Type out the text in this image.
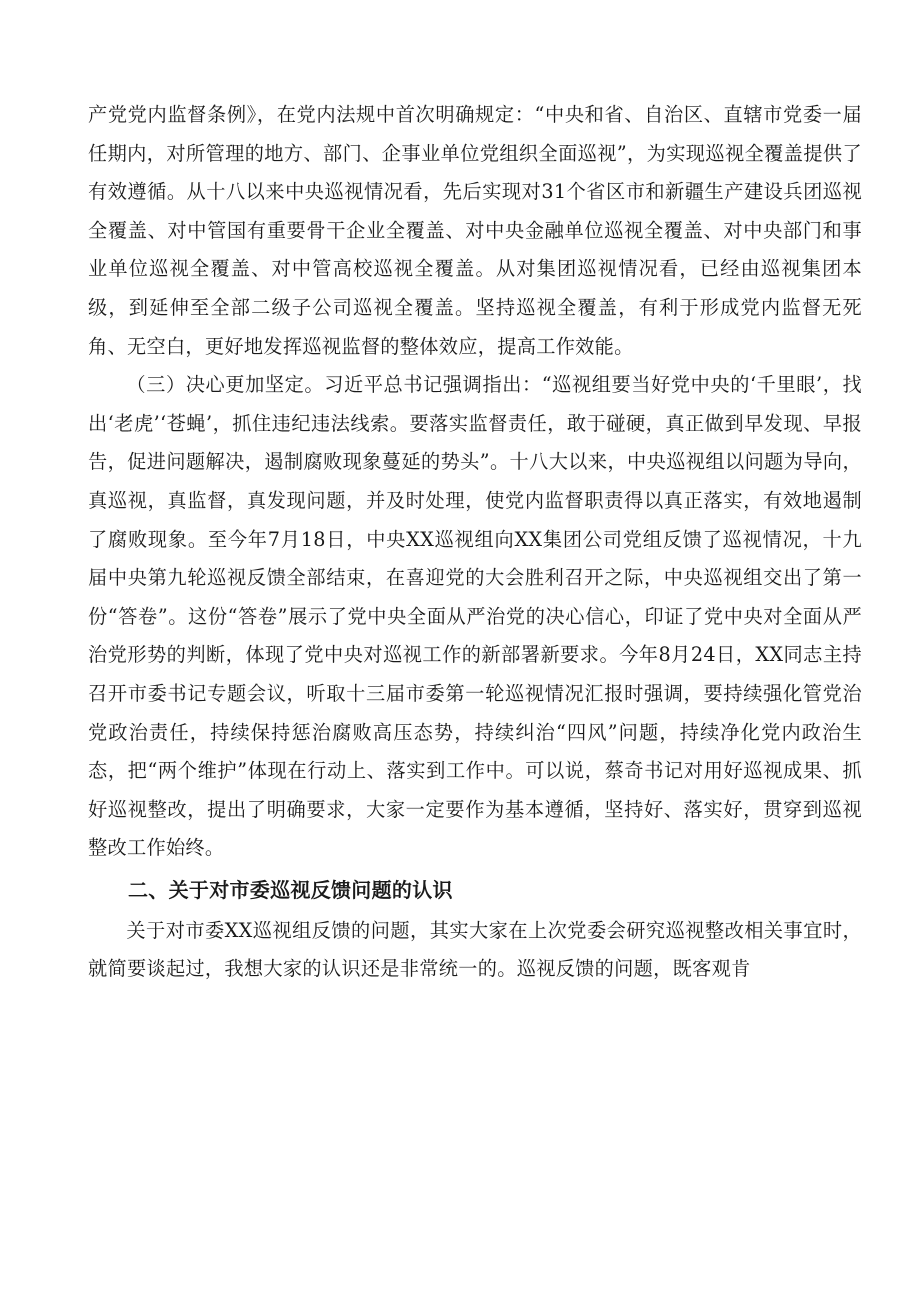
产党党内监督条例》，在党内法规中首次明确规定：“中央和省、自治区、直辖市党委一届任期内，对所管理的地方、部门、企事业单位党组织全面巡视”，为实现巡视全覆盖提供了有效遵循。从十八以来中央巡视情况看，先后实现对31个省区市和新疆生产建设兵团巡视全覆盖、对中管国有重要骨干企业全覆盖、对中央金融单位巡视全覆盖、对中央部门和事业单位巡视全覆盖、对中管高校巡视全覆盖。从对集团巡视情况看，已经由巡视集团本级，到延伸至全部二级子公司巡视全覆盖。坚持巡视全覆盖，有利于形成党内监督无死角、无空白，更好地发挥巡视监督的整体效应，提高工作效能。

（三）决心更加坚定。习近平总书记强调指出：“巡视组要当好党中央的‘千里眼’，找出‘老虎’‘苍蝇’，抓住违纪违法线索。要落实监督责任，敢于碰硬，真正做到早发现、早报告，促进问题解决，遏制腐败现象蔓延的势头”。十八大以来，中央巡视组以问题为导向，真巡视，真监督，真发现问题，并及时处理，使党内监督职责得以真正落实，有效地遏制了腐败现象。至今年7月18日，中央XX巡视组向XX集团公司党组反馈了巡视情况，十九届中央第九轮巡视反馈全部结束，在喜迎党的大会胜利召开之际，中央巡视组交出了第一份“答卷”。这份“答卷”展示了党中央全面从严治党的决心信心，印证了党中央对全面从严治党形势的判断，体现了党中央对巡视工作的新部署新要求。今年8月24日，XX同志主持召开市委书记专题会议，听取十三届市委第一轮巡视情况汇报时强调，要持续强化管党治党政治责任，持续保持惩治腐败高压态势，持续纠治“四风”问题，持续净化党内政治生态，把“两个维护”体现在行动上、落实到工作中。可以说，蔡奇书记对用好巡视成果、抓好巡视整改，提出了明确要求，大家一定要作为基本遵循，坚持好、落实好，贯穿到巡视整改工作始终。

二、关于对市委巡视反馈问题的认识

关于对市委XX巡视组反馈的问题，其实大家在上次党委会研究巡视整改相关事宜时，就简要谈起过，我想大家的认识还是非常统一的。巡视反馈的问题，既客观肯
